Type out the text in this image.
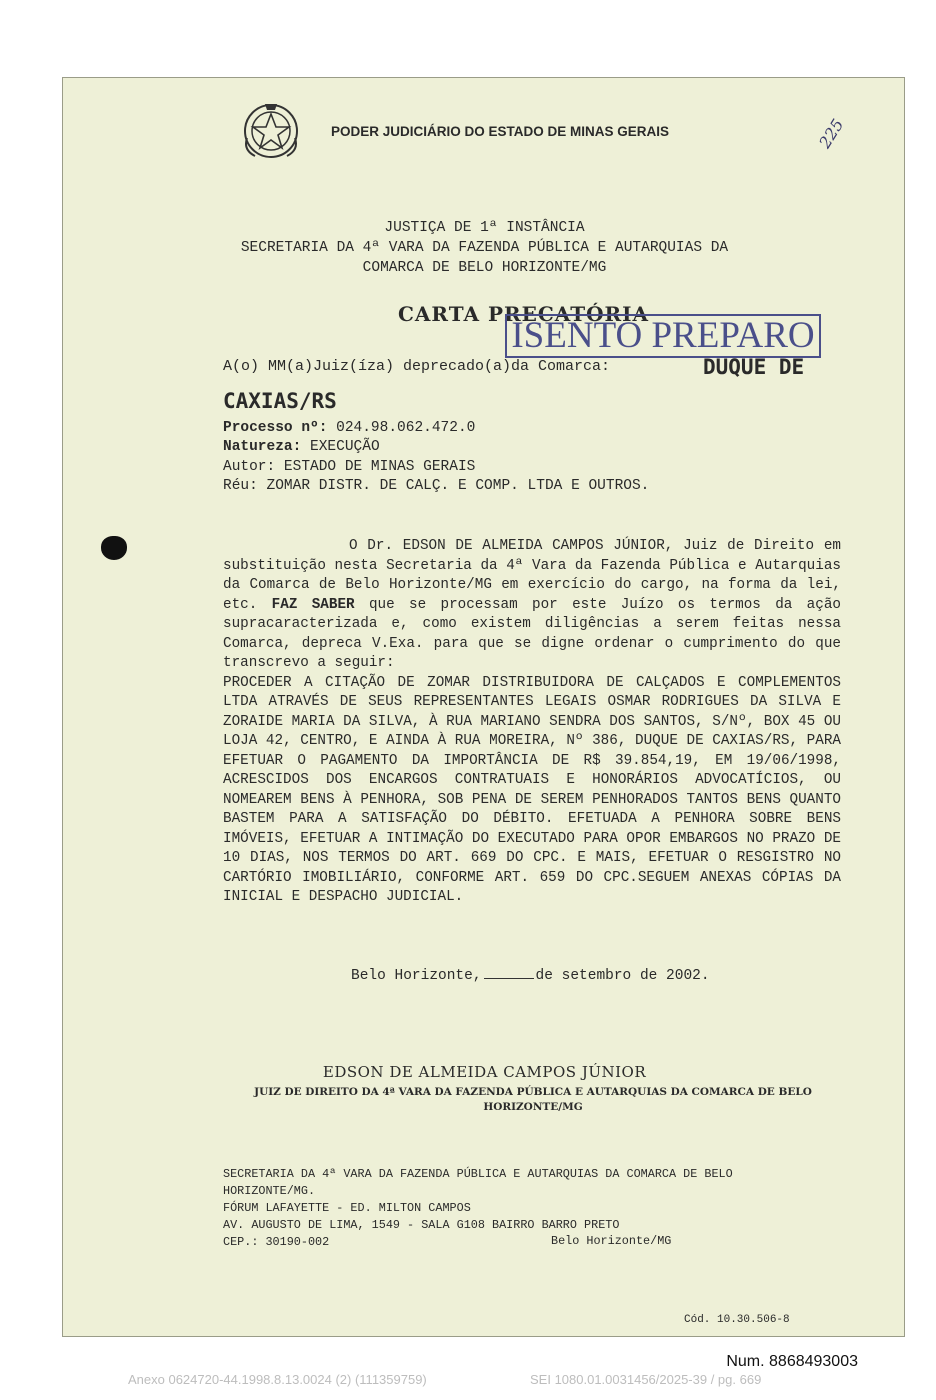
PODER JUDICIÁRIO DO ESTADO DE MINAS GERAIS	225
JUSTIÇA DE 1ª INSTÂNCIA
SECRETARIA DA 4ª VARA DA FAZENDA PÚBLICA E AUTARQUIAS DA
COMARCA DE BELO HORIZONTE/MG
CARTA PRECATÓRIA
ISENTO PREPARO
A(o) MM(a)Juiz(íza) deprecado(a)da Comarca:	DUQUE DE
CAXIAS/RS
Processo nº: 024.98.062.472.0
Natureza: EXECUÇÃO
Autor: ESTADO DE MINAS GERAIS
Réu: ZOMAR DISTR. DE CALÇ. E COMP. LTDA E OUTROS.
O Dr. EDSON DE ALMEIDA CAMPOS JÚNIOR, Juiz de Direito em substituição nesta Secretaria da 4ª Vara da Fazenda Pública e Autarquias da Comarca de Belo Horizonte/MG em exercício do cargo, na forma da lei, etc. FAZ SABER que se processam por este Juízo os termos da ação supracaracterizada e, como existem diligências a serem feitas nessa Comarca, depreca V.Exa. para que se digne ordenar o cumprimento do que transcrevo a seguir:
PROCEDER A CITAÇÃO DE ZOMAR DISTRIBUIDORA DE CALÇADOS E COMPLEMENTOS LTDA ATRAVÉS DE SEUS REPRESENTANTES LEGAIS OSMAR RODRIGUES DA SILVA E ZORAIDE MARIA DA SILVA, À RUA MARIANO SENDRA DOS SANTOS, S/Nº, BOX 45 OU LOJA 42, CENTRO, E AINDA À RUA MOREIRA, Nº 386, DUQUE DE CAXIAS/RS, PARA EFETUAR O PAGAMENTO DA IMPORTÂNCIA DE R$ 39.854,19, EM 19/06/1998, ACRESCIDOS DOS ENCARGOS CONTRATUAIS E HONORÁRIOS ADVOCATÍCIOS, OU NOMEAREM BENS À PENHORA, SOB PENA DE SEREM PENHORADOS TANTOS BENS QUANTO BASTEM PARA A SATISFAÇÃO DO DÉBITO. EFETUADA A PENHORA SOBRE BENS IMÓVEIS, EFETUAR A INTIMAÇÃO DO EXECUTADO PARA OPOR EMBARGOS NO PRAZO DE 10 DIAS, NOS TERMOS DO ART. 669 DO CPC. E MAIS, EFETUAR O RESGISTRO NO CARTÓRIO IMOBILIÁRIO, CONFORME ART. 659 DO CPC.SEGUEM ANEXAS CÓPIAS DA INICIAL E DESPACHO JUDICIAL.
Belo Horizonte,	de setembro de 2002.
EDSON DE ALMEIDA CAMPOS JÚNIOR
JUIZ DE DIREITO DA 4ª VARA DA FAZENDA PÚBLICA E AUTARQUIAS DA COMARCA DE BELO HORIZONTE/MG
SECRETARIA DA 4ª VARA DA FAZENDA PÚBLICA E AUTARQUIAS DA COMARCA DE BELO
HORIZONTE/MG.
FÓRUM LAFAYETTE - ED. MILTON CAMPOS
AV. AUGUSTO DE LIMA, 1549 - SALA G108 BAIRRO BARRO PRETO
CEP.: 30190-002	Belo Horizonte/MG
Cód. 10.30.506-8
Num. 8868493003
Anexo 0624720-44.1998.8.13.0024 (2) (111359759)	SEI 1080.01.0031456/2025-39 / pg. 669
